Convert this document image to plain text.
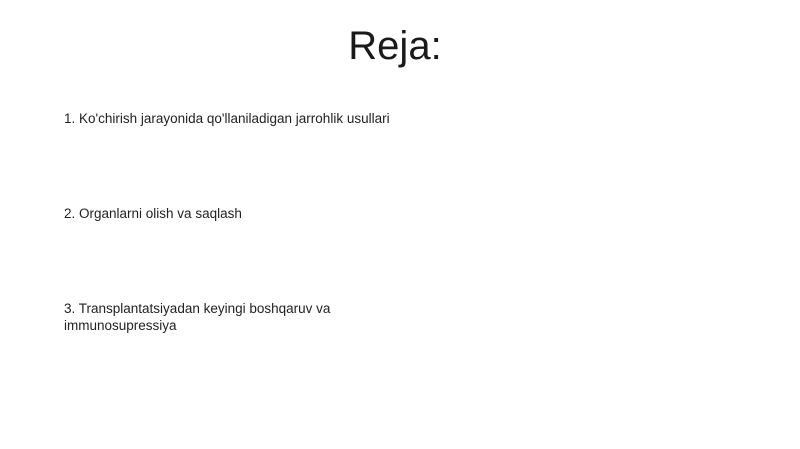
Reja:
1. Ko'chirish jarayonida qo'llaniladigan jarrohlik usullari
2. Organlarni olish va saqlash
3. Transplantatsiyadan keyingi boshqaruv va immunosupressiya
